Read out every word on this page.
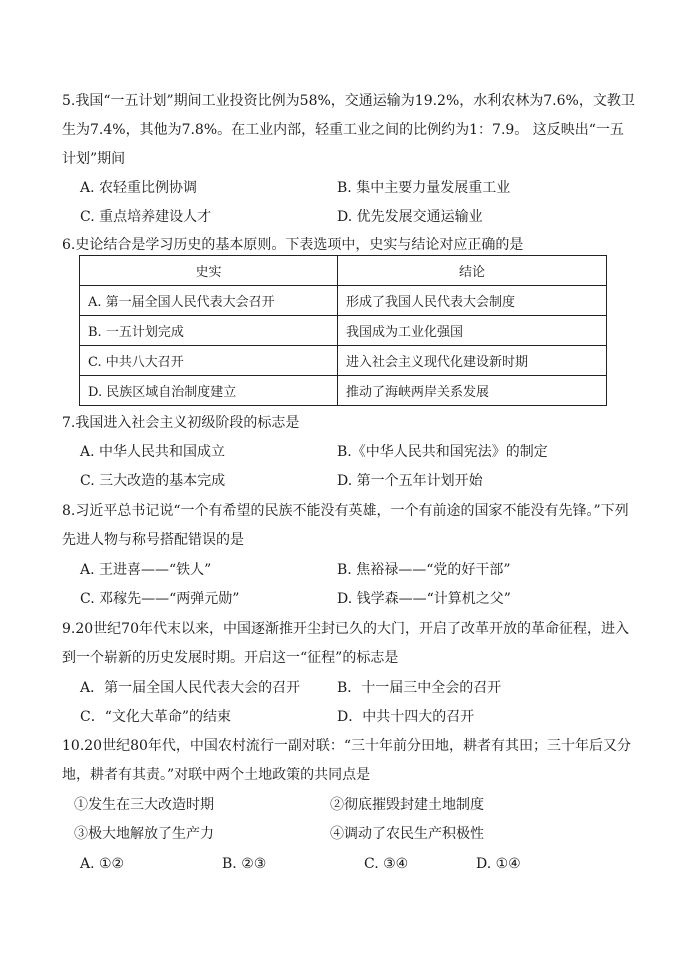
5.我国“一五计划”期间工业投资比例为58%，交通运输为19.2%，水利农林为7.6%，文教卫
生为7.4%，其他为7.8%。在工业内部，轻重工业之间的比例约为1：7.9。 这反映出“一五
计划”期间
A. 农轻重比例协调	B. 集中主要力量发展重工业
C. 重点培养建设人才	D. 优先发展交通运输业
6.史论结合是学习历史的基本原则。下表选项中，史实与结论对应正确的是
史实	结论
A. 第一届全国人民代表大会召开	形成了我国人民代表大会制度
B. 一五计划完成	我国成为工业化强国
C. 中共八大召开	进入社会主义现代化建设新时期
D. 民族区域自治制度建立	推动了海峡两岸关系发展
7.我国进入社会主义初级阶段的标志是
A. 中华人民共和国成立	B.《中华人民共和国宪法》的制定
C. 三大改造的基本完成	D. 第一个五年计划开始
8.习近平总书记说“一个有希望的民族不能没有英雄，一个有前途的国家不能没有先锋。”下列
先进人物与称号搭配错误的是
A. 王进喜——“铁人”	B. 焦裕禄——“党的好干部”
C. 邓稼先——“两弹元勋”	D. 钱学森——“计算机之父”
9.20世纪70年代末以来，中国逐渐推开尘封已久的大门，开启了改革开放的革命征程，进入
到一个崭新的历史发展时期。开启这一“征程”的标志是
A．第一届全国人民代表大会的召开	B．十一届三中全会的召开
C．“文化大革命”的结束	D．中共十四大的召开
10.20世纪80年代，中国农村流行一副对联：“三十年前分田地，耕者有其田；三十年后又分
地，耕者有其责。”对联中两个土地政策的共同点是
①发生在三大改造时期	②彻底摧毁封建土地制度
③极大地解放了生产力	④调动了农民生产积极性
A. ①②	B. ②③	C. ③④	D. ①④
